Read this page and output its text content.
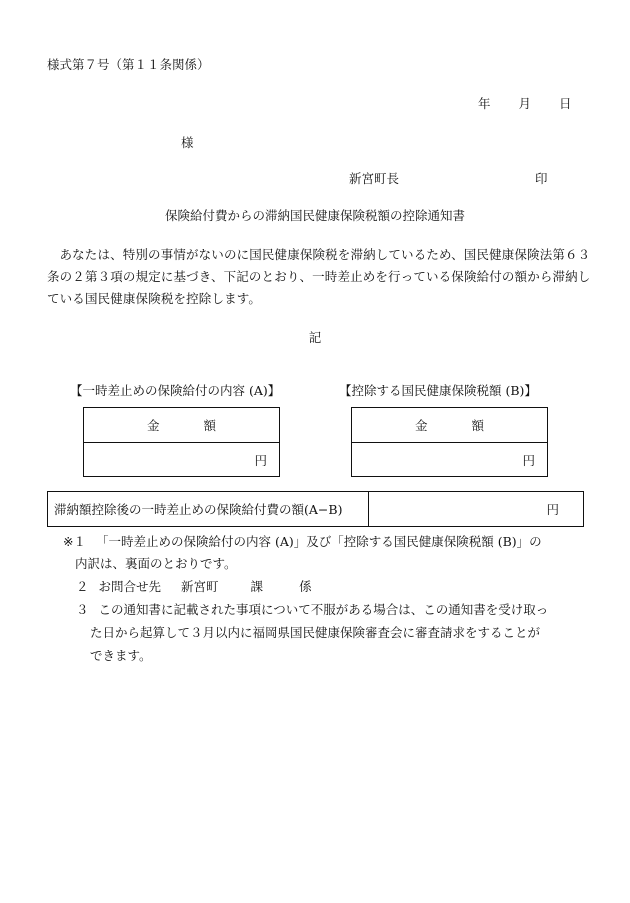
様式第７号（第１１条関係）
年 月 日
様
新宮町長	印
保険給付費からの滞納国民健康保険税額の控除通知書
あなたは、特別の事情がないのに国民健康保険税を滞納しているため、国民健康保険法第６３条の２第３項の規定に基づき、下記のとおり、一時差止めを行っている保険給付の額から滞納している国民健康保険税を控除します。
記
【一時差止めの保険給付の内容 (A)】	【控除する国民健康保険税額 (B)】
金	額
円
金	額
円
滞納額控除後の一時差止めの保険給付費の額(A−B)	円
※１ 「一時差止めの保険給付の内容 (A)」及び「控除する国民健康保険税額 (B)」の
内訳は、裏面のとおりです。
２ お問合せ先 新宮町	課	係
３ この通知書に記載された事項について不服がある場合は、この通知書を受け取っ
た日から起算して３月以内に福岡県国民健康保険審査会に審査請求をすることが
できます。
